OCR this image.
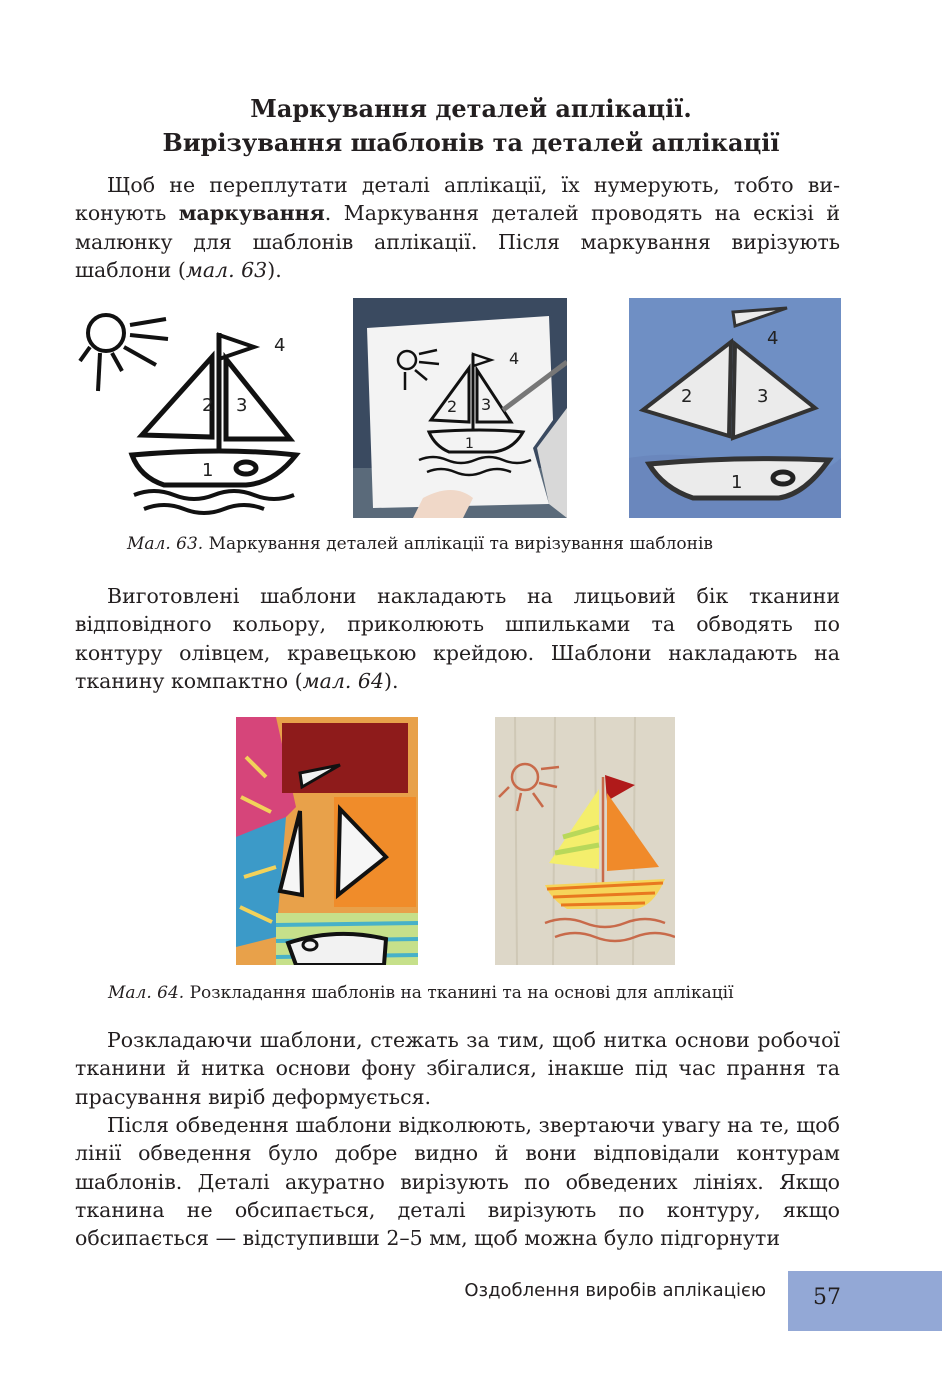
Маркування деталей аплікації.
Вирізування шаблонів та деталей аплікації
Щоб не переплутати деталі аплікації, їх нумерують, тобто ви-конують маркування. Маркування деталей проводять на ескізі й малюнку для шаблонів аплікації. Після маркування вирізують шаблони (мал. 63).
2 3
4
1
2 3
4
1
2	3
4
1
Мал. 63. Маркування деталей аплікації та вирізування шаблонів
Виготовлені шаблони накладають на лицьовий бік тканини відповідного кольору, приколюють шпильками та обводять по контуру олівцем, кравецькою крейдою. Шаблони накладають на тканину компактно (мал. 64).
Мал. 64. Розкладання шаблонів на тканині та на основі для аплікації
Розкладаючи шаблони, стежать за тим, щоб нитка основи робочої тканини й нитка основи фону збігалися, інакше під час прання та прасування виріб деформується.
Після обведення шаблони відколюють, звертаючи увагу на те, щоб лінії обведення було добре видно й вони відповідали контурам шаблонів. Деталі акуратно вирізують по обведених лініях. Якщо тканина не обсипається, деталі вирізують по контуру, якщо обсипається — відступивши 2–5 мм, щоб можна було підгорнути
Оздоблення виробів аплікацією	57
